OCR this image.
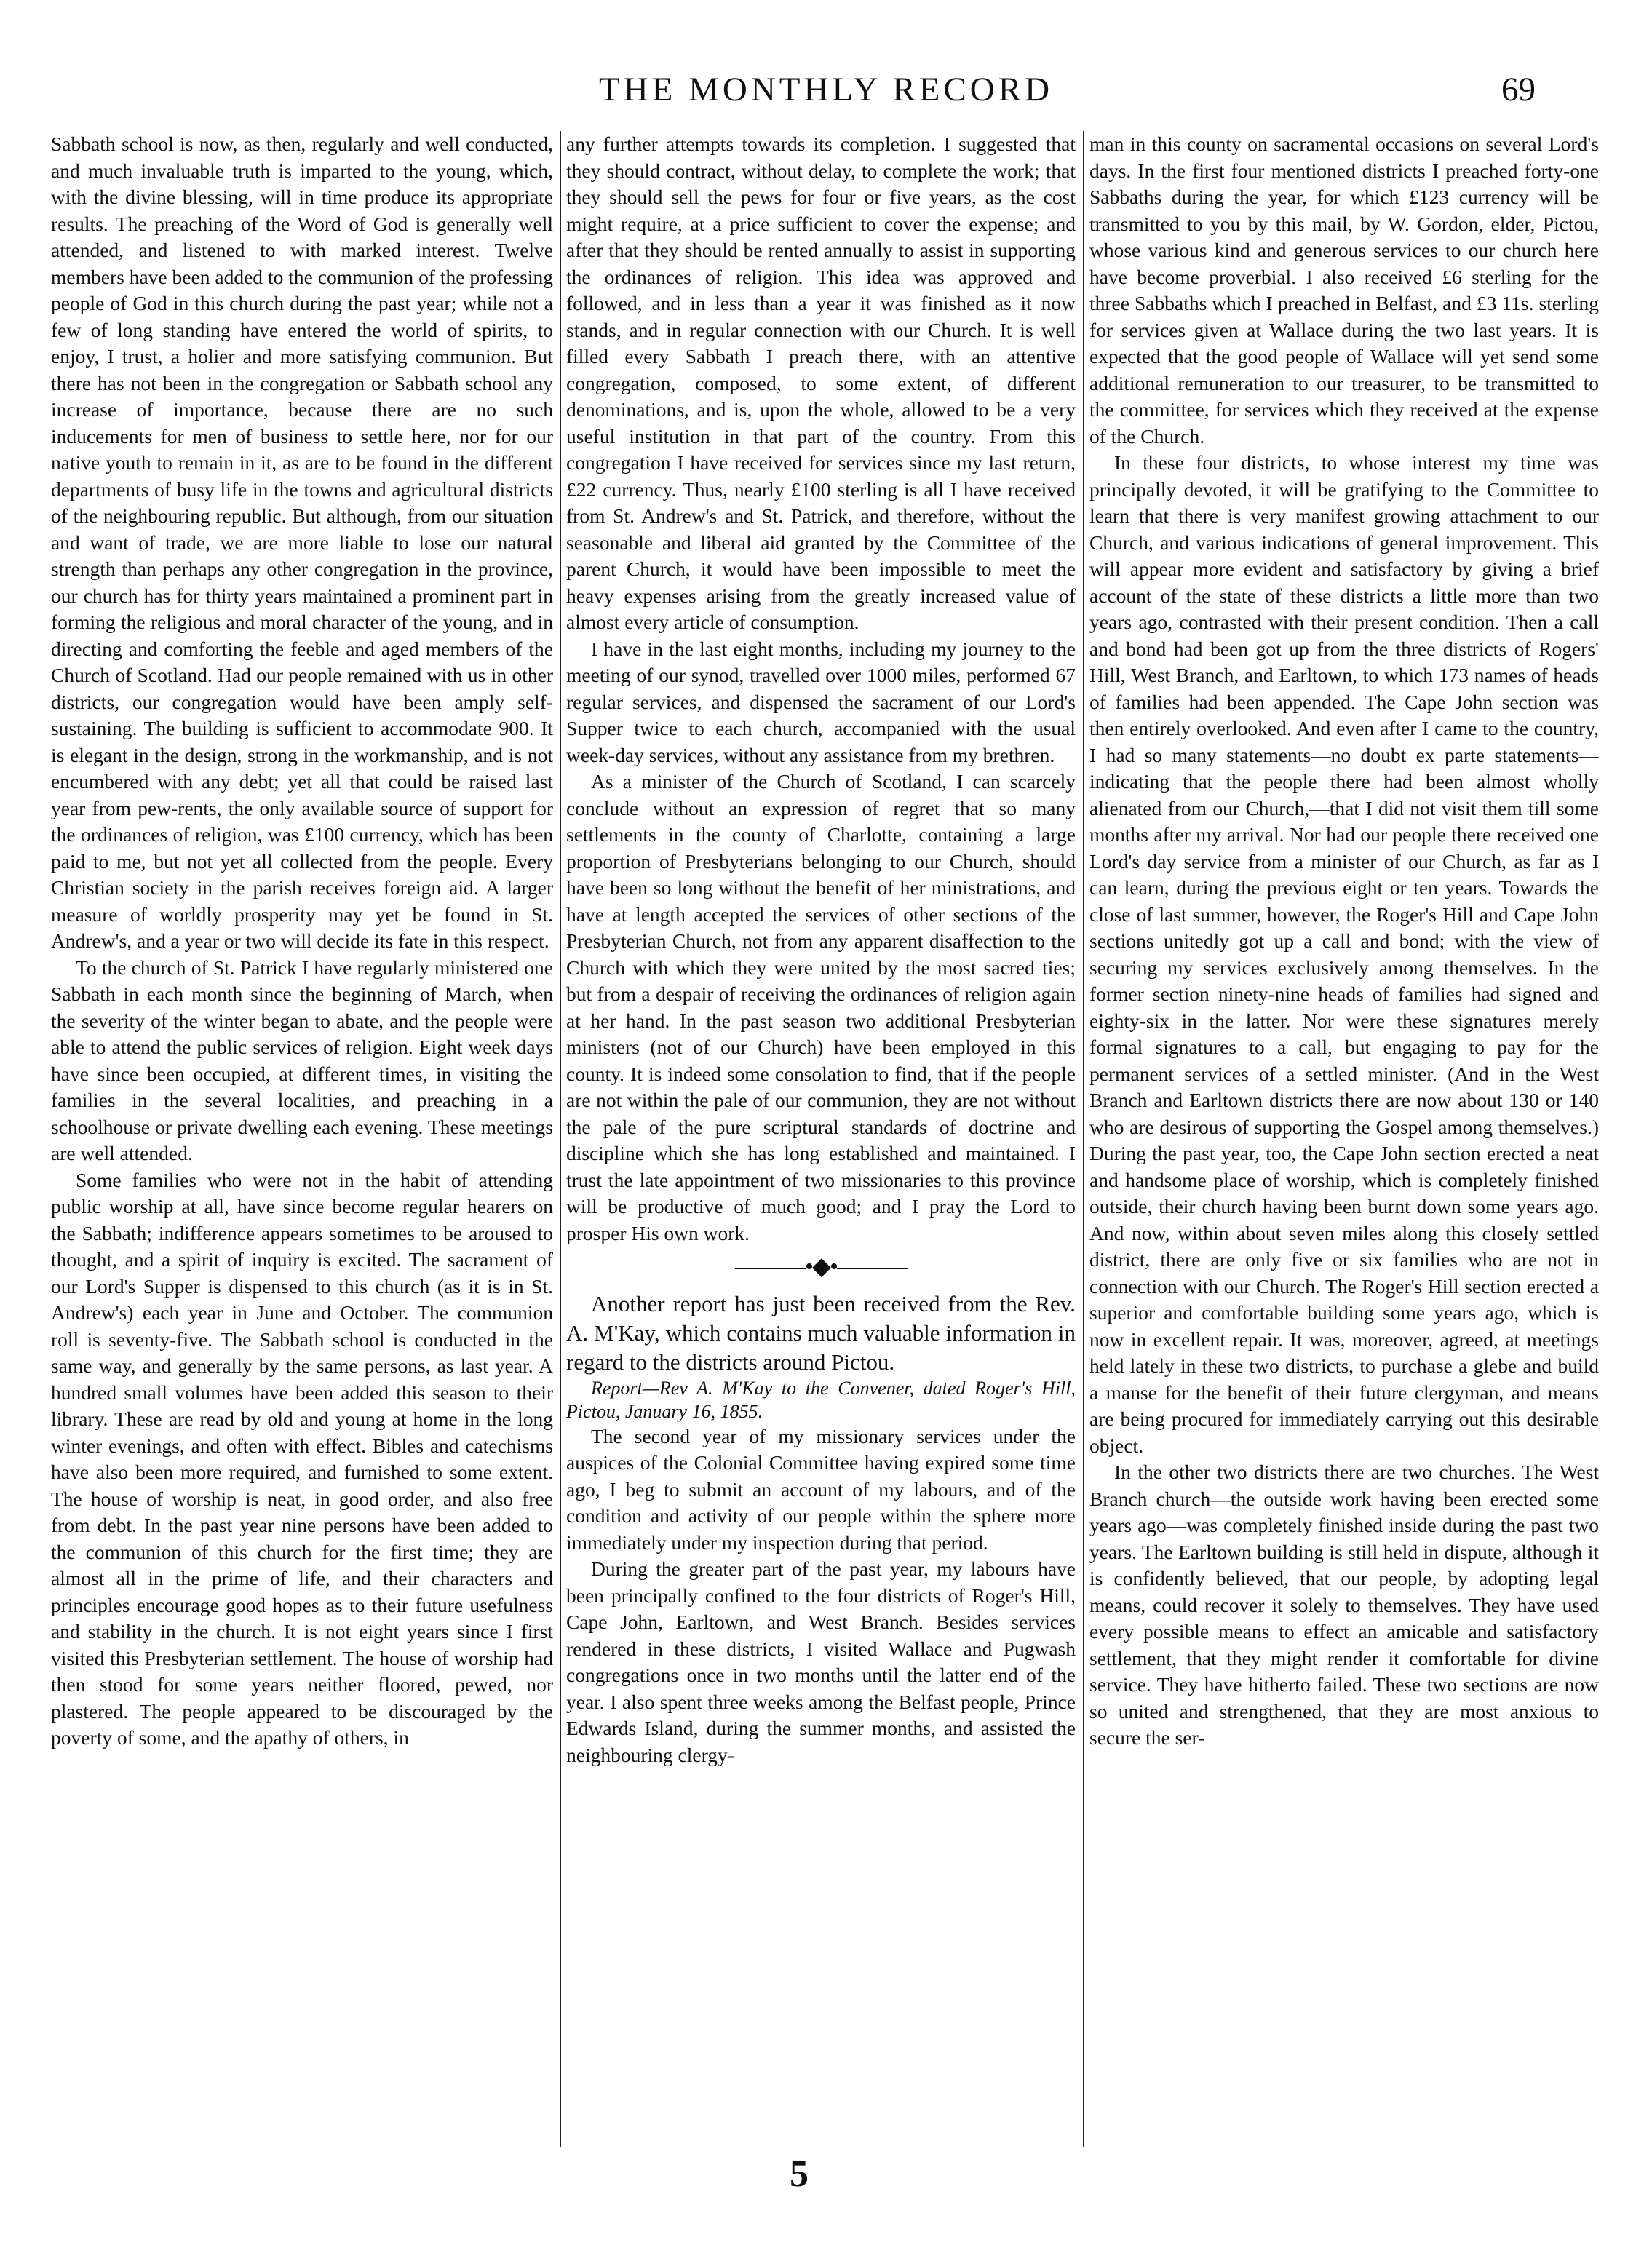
THE MONTHLY RECORD	69

Sabbath school is now, as then, regularly and well conducted, and much invaluable truth is imparted to the young, which, with the divine blessing, will in time produce its appropriate results. The preaching of the Word of God is generally well attended, and listened to with marked interest. Twelve members have been added to the communion of the professing people of God in this church during the past year; while not a few of long standing have entered the world of spirits, to enjoy, I trust, a holier and more satisfying communion. But there has not been in the congregation or Sabbath school any increase of importance, because there are no such inducements for men of business to settle here, nor for our native youth to remain in it, as are to be found in the different departments of busy life in the towns and agricultural districts of the neighbouring republic. But although, from our situation and want of trade, we are more liable to lose our natural strength than perhaps any other congregation in the province, our church has for thirty years maintained a prominent part in forming the religious and moral character of the young, and in directing and comforting the feeble and aged members of the Church of Scotland. Had our people remained with us in other districts, our congregation would have been amply self-sustaining. The building is sufficient to accommodate 900. It is elegant in the design, strong in the workmanship, and is not encumbered with any debt; yet all that could be raised last year from pew-rents, the only available source of support for the ordinances of religion, was £100 currency, which has been paid to me, but not yet all collected from the people. Every Christian society in the parish receives foreign aid. A larger measure of worldly prosperity may yet be found in St. Andrew's, and a year or two will decide its fate in this respect.

To the church of St. Patrick I have regularly ministered one Sabbath in each month since the beginning of March, when the severity of the winter began to abate, and the people were able to attend the public services of religion. Eight week days have since been occupied, at different times, in visiting the families in the several localities, and preaching in a schoolhouse or private dwelling each evening. These meetings are well attended.

Some families who were not in the habit of attending public worship at all, have since become regular hearers on the Sabbath; indifference appears sometimes to be aroused to thought, and a spirit of inquiry is excited. The sacrament of our Lord's Supper is dispensed to this church (as it is in St. Andrew's) each year in June and October. The communion roll is seventy-five. The Sabbath school is conducted in the same way, and generally by the same persons, as last year. A hundred small volumes have been added this season to their library. These are read by old and young at home in the long winter evenings, and often with effect. Bibles and catechisms have also been more required, and furnished to some extent. The house of worship is neat, in good order, and also free from debt. In the past year nine persons have been added to the communion of this church for the first time; they are almost all in the prime of life, and their characters and principles encourage good hopes as to their future usefulness and stability in the church. It is not eight years since I first visited this Presbyterian settlement. The house of worship had then stood for some years neither floored, pewed, nor plastered. The people appeared to be discouraged by the poverty of some, and the apathy of others, in

any further attempts towards its completion. I suggested that they should contract, without delay, to complete the work; that they should sell the pews for four or five years, as the cost might require, at a price sufficient to cover the expense; and after that they should be rented annually to assist in supporting the ordinances of religion. This idea was approved and followed, and in less than a year it was finished as it now stands, and in regular connection with our Church. It is well filled every Sabbath I preach there, with an attentive congregation, composed, to some extent, of different denominations, and is, upon the whole, allowed to be a very useful institution in that part of the country. From this congregation I have received for services since my last return, £22 currency. Thus, nearly £100 sterling is all I have received from St. Andrew's and St. Patrick, and therefore, without the seasonable and liberal aid granted by the Committee of the parent Church, it would have been impossible to meet the heavy expenses arising from the greatly increased value of almost every article of consumption.

I have in the last eight months, including my journey to the meeting of our synod, travelled over 1000 miles, performed 67 regular services, and dispensed the sacrament of our Lord's Supper twice to each church, accompanied with the usual week-day services, without any assistance from my brethren.

As a minister of the Church of Scotland, I can scarcely conclude without an expression of regret that so many settlements in the county of Charlotte, containing a large proportion of Presbyterians belonging to our Church, should have been so long without the benefit of her ministrations, and have at length accepted the services of other sections of the Presbyterian Church, not from any apparent disaffection to the Church with which they were united by the most sacred ties; but from a despair of receiving the ordinances of religion again at her hand. In the past season two additional Presbyterian ministers (not of our Church) have been employed in this county. It is indeed some consolation to find, that if the people are not within the pale of our communion, they are not without the pale of the pure scriptural standards of doctrine and discipline which she has long established and maintained. I trust the late appointment of two missionaries to this province will be productive of much good; and I pray the Lord to prosper His own work.

———•◆•———

Another report has just been received from the Rev. A. M'Kay, which contains much valuable information in regard to the districts around Pictou.

Report—Rev A. M'Kay to the Convener, dated Roger's Hill, Pictou, January 16, 1855.

The second year of my missionary services under the auspices of the Colonial Committee having expired some time ago, I beg to submit an account of my labours, and of the condition and activity of our people within the sphere more immediately under my inspection during that period.

During the greater part of the past year, my labours have been principally confined to the four districts of Roger's Hill, Cape John, Earltown, and West Branch. Besides services rendered in these districts, I visited Wallace and Pugwash congregations once in two months until the latter end of the year. I also spent three weeks among the Belfast people, Prince Edwards Island, during the summer months, and assisted the neighbouring clergy-

man in this county on sacramental occasions on several Lord's days. In the first four mentioned districts I preached forty-one Sabbaths during the year, for which £123 currency will be transmitted to you by this mail, by W. Gordon, elder, Pictou, whose various kind and generous services to our church here have become proverbial. I also received £6 sterling for the three Sabbaths which I preached in Belfast, and £3 11s. sterling for services given at Wallace during the two last years. It is expected that the good people of Wallace will yet send some additional remuneration to our treasurer, to be transmitted to the committee, for services which they received at the expense of the Church.

In these four districts, to whose interest my time was principally devoted, it will be gratifying to the Committee to learn that there is very manifest growing attachment to our Church, and various indications of general improvement. This will appear more evident and satisfactory by giving a brief account of the state of these districts a little more than two years ago, contrasted with their present condition. Then a call and bond had been got up from the three districts of Rogers' Hill, West Branch, and Earltown, to which 173 names of heads of families had been appended. The Cape John section was then entirely overlooked. And even after I came to the country, I had so many statements—no doubt ex parte statements—indicating that the people there had been almost wholly alienated from our Church,—that I did not visit them till some months after my arrival. Nor had our people there received one Lord's day service from a minister of our Church, as far as I can learn, during the previous eight or ten years. Towards the close of last summer, however, the Roger's Hill and Cape John sections unitedly got up a call and bond; with the view of securing my services exclusively among themselves. In the former section ninety-nine heads of families had signed and eighty-six in the latter. Nor were these signatures merely formal signatures to a call, but engaging to pay for the permanent services of a settled minister. (And in the West Branch and Earltown districts there are now about 130 or 140 who are desirous of supporting the Gospel among themselves.) During the past year, too, the Cape John section erected a neat and handsome place of worship, which is completely finished outside, their church having been burnt down some years ago. And now, within about seven miles along this closely settled district, there are only five or six families who are not in connection with our Church. The Roger's Hill section erected a superior and comfortable building some years ago, which is now in excellent repair. It was, moreover, agreed, at meetings held lately in these two districts, to purchase a glebe and build a manse for the benefit of their future clergyman, and means are being procured for immediately carrying out this desirable object.

In the other two districts there are two churches. The West Branch church—the outside work having been erected some years ago—was completely finished inside during the past two years. The Earltown building is still held in dispute, although it is confidently believed, that our people, by adopting legal means, could recover it solely to themselves. They have used every possible means to effect an amicable and satisfactory settlement, that they might render it comfortable for divine service. They have hitherto failed. These two sections are now so united and strengthened, that they are most anxious to secure the ser-

5
